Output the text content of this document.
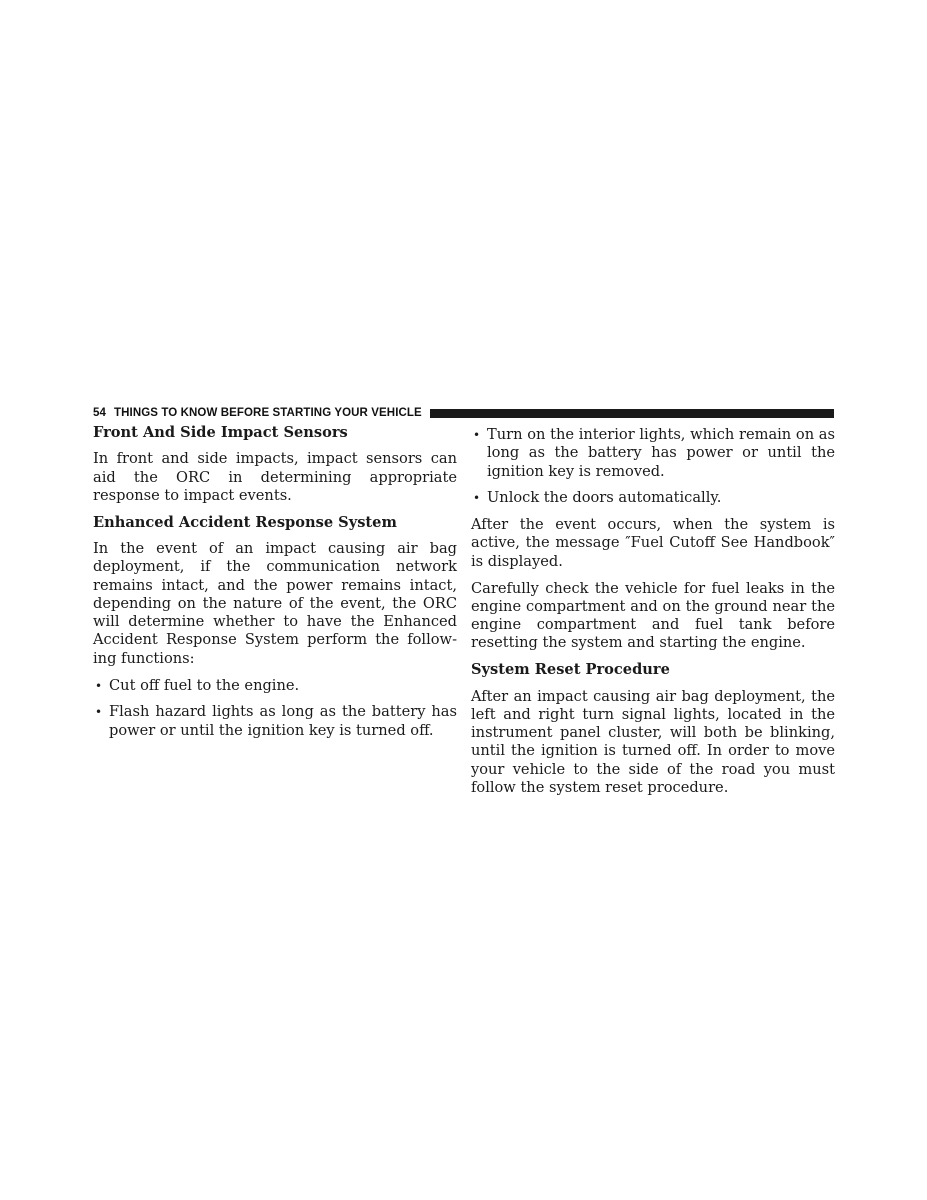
54 THINGS TO KNOW BEFORE STARTING YOUR VEHICLE
Front And Side Impact Sensors

In front and side impacts, impact sensors can aid the ORC in determining appropriate response to impact events.

Enhanced Accident Response System

In the event of an impact causing air bag deployment, if the communication network remains intact, and the power remains intact, depending on the nature of the event, the ORC will determine whether to have the Enhanced Accident Response System perform the following functions:

• Cut off fuel to the engine.
• Flash hazard lights as long as the battery has power or until the ignition key is turned off.
• Turn on the interior lights, which remain on as long as the battery has power or until the ignition key is removed.
• Unlock the doors automatically.

After the event occurs, when the system is active, the message ″Fuel Cutoff See Handbook″ is displayed.

Carefully check the vehicle for fuel leaks in the engine compartment and on the ground near the engine compartment and fuel tank before resetting the system and starting the engine.

System Reset Procedure

After an impact causing air bag deployment, the left and right turn signal lights, located in the instrument panel cluster, will both be blinking, until the ignition is turned off. In order to move your vehicle to the side of the road you must follow the system reset procedure.
